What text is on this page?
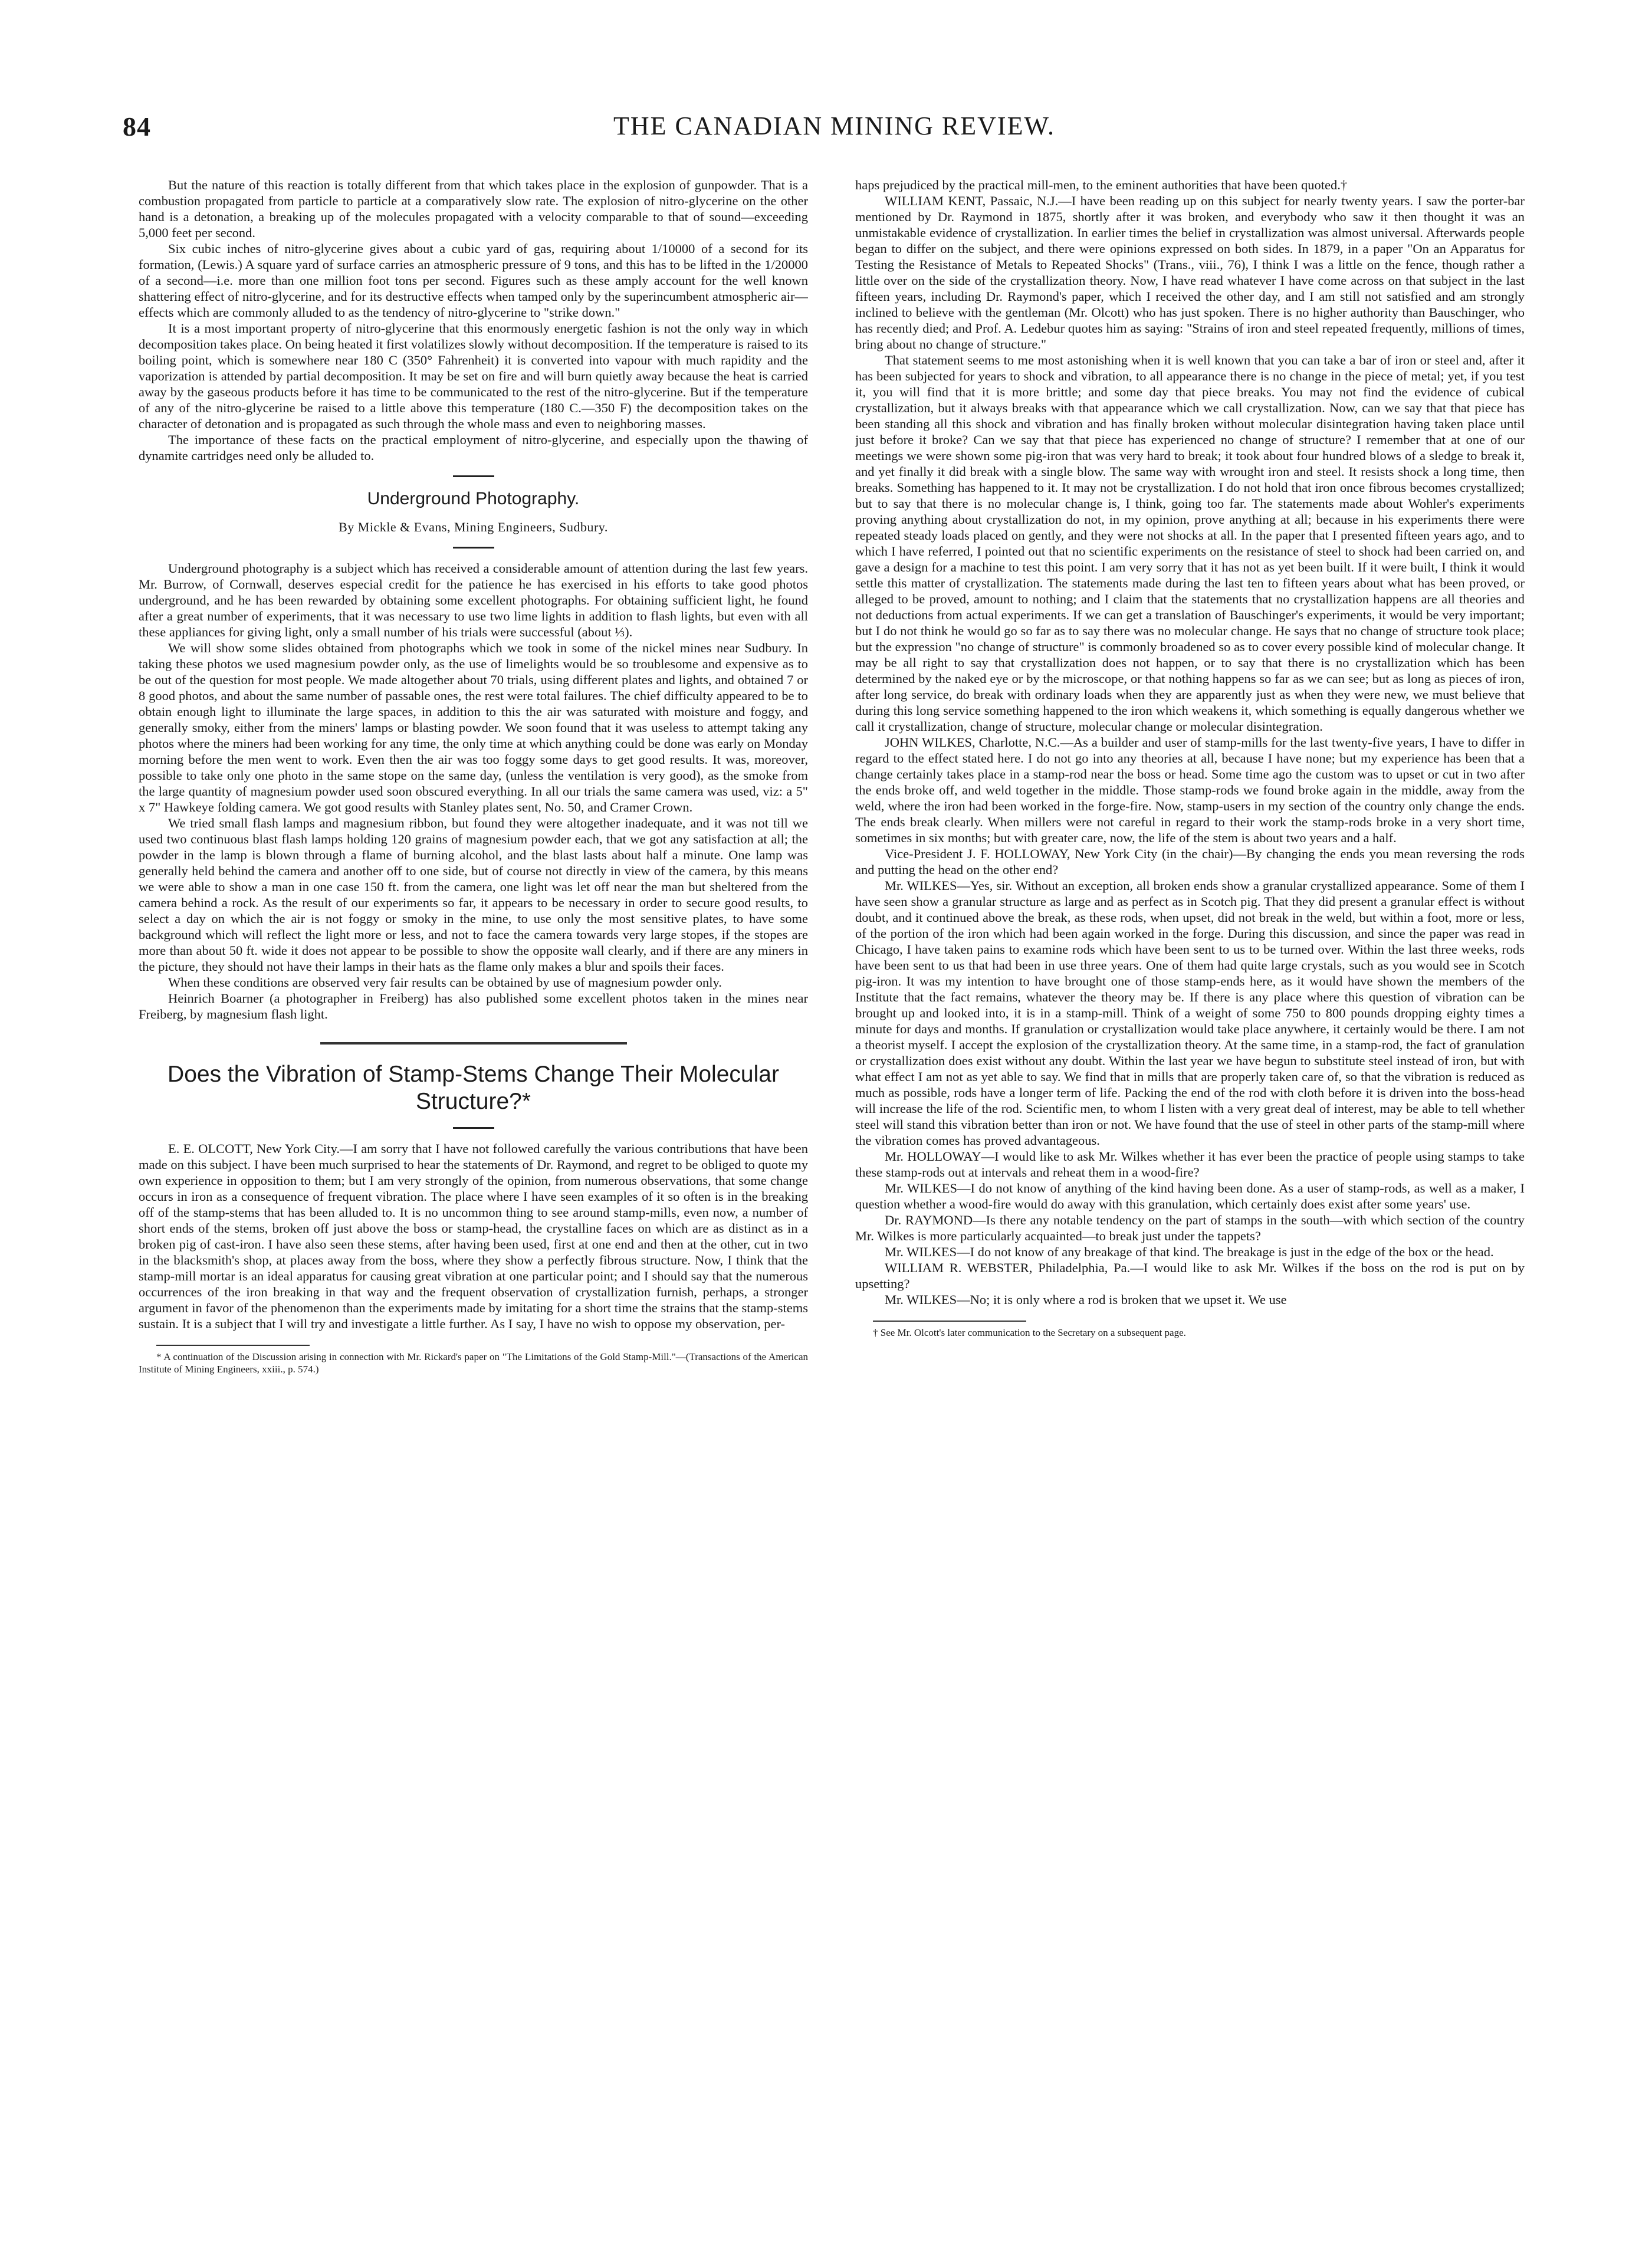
84	THE CANADIAN MINING REVIEW.

But the nature of this reaction is totally different from that which takes place in the explosion of gunpowder. That is a combustion propagated from particle to particle at a comparatively slow rate. The explosion of nitro-glycerine on the other hand is a detonation, a breaking up of the molecules propagated with a velocity comparable to that of sound—exceeding 5,000 feet per second.

Six cubic inches of nitro-glycerine gives about a cubic yard of gas, requiring about 1/10000 of a second for its formation, (Lewis.) A square yard of surface carries an atmospheric pressure of 9 tons, and this has to be lifted in the 1/20000 of a second—i.e. more than one million foot tons per second. Figures such as these amply account for the well known shattering effect of nitro-glycerine, and for its destructive effects when tamped only by the superincumbent atmospheric air—effects which are commonly alluded to as the tendency of nitro-glycerine to "strike down."

It is a most important property of nitro-glycerine that this enormously energetic fashion is not the only way in which decomposition takes place. On being heated it first volatilizes slowly without decomposition. If the temperature is raised to its boiling point, which is somewhere near 180 C (350° Fahrenheit) it is converted into vapour with much rapidity and the vaporization is attended by partial decomposition. It may be set on fire and will burn quietly away because the heat is carried away by the gaseous products before it has time to be communicated to the rest of the nitro-glycerine. But if the temperature of any of the nitro-glycerine be raised to a little above this temperature (180 C.—350 F) the decomposition takes on the character of detonation and is propagated as such through the whole mass and even to neighboring masses.

The importance of these facts on the practical employment of nitro-glycerine, and especially upon the thawing of dynamite cartridges need only be alluded to.

Underground Photography.
By Mickle & Evans, Mining Engineers, Sudbury.

Underground photography is a subject which has received a considerable amount of attention during the last few years. Mr. Burrow, of Cornwall, deserves especial credit for the patience he has exercised in his efforts to take good photos underground, and he has been rewarded by obtaining some excellent photographs. For obtaining sufficient light, he found after a great number of experiments, that it was necessary to use two lime lights in addition to flash lights, but even with all these appliances for giving light, only a small number of his trials were successful (about ⅓).

We will show some slides obtained from photographs which we took in some of the nickel mines near Sudbury. In taking these photos we used magnesium powder only, as the use of limelights would be so troublesome and expensive as to be out of the question for most people. We made altogether about 70 trials, using different plates and lights, and obtained 7 or 8 good photos, and about the same number of passable ones, the rest were total failures. The chief difficulty appeared to be to obtain enough light to illuminate the large spaces, in addition to this the air was saturated with moisture and foggy, and generally smoky, either from the miners' lamps or blasting powder. We soon found that it was useless to attempt taking any photos where the miners had been working for any time, the only time at which anything could be done was early on Monday morning before the men went to work. Even then the air was too foggy some days to get good results. It was, moreover, possible to take only one photo in the same stope on the same day, (unless the ventilation is very good), as the smoke from the large quantity of magnesium powder used soon obscured everything. In all our trials the same camera was used, viz: a 5" x 7" Hawkeye folding camera. We got good results with Stanley plates sent, No. 50, and Cramer Crown.

We tried small flash lamps and magnesium ribbon, but found they were altogether inadequate, and it was not till we used two continuous blast flash lamps holding 120 grains of magnesium powder each, that we got any satisfaction at all; the powder in the lamp is blown through a flame of burning alcohol, and the blast lasts about half a minute. One lamp was generally held behind the camera and another off to one side, but of course not directly in view of the camera, by this means we were able to show a man in one case 150 ft. from the camera, one light was let off near the man but sheltered from the camera behind a rock. As the result of our experiments so far, it appears to be necessary in order to secure good results, to select a day on which the air is not foggy or smoky in the mine, to use only the most sensitive plates, to have some background which will reflect the light more or less, and not to face the camera towards very large stopes, if the stopes are more than about 50 ft. wide it does not appear to be possible to show the opposite wall clearly, and if there are any miners in the picture, they should not have their lamps in their hats as the flame only makes a blur and spoils their faces.

When these conditions are observed very fair results can be obtained by use of magnesium powder only.

Heinrich Boarner (a photographer in Freiberg) has also published some excellent photos taken in the mines near Freiberg, by magnesium flash light.

Does the Vibration of Stamp-Stems Change Their Molecular Structure?*

E. E. OLCOTT, New York City.—I am sorry that I have not followed carefully the various contributions that have been made on this subject. I have been much surprised to hear the statements of Dr. Raymond, and regret to be obliged to quote my own experience in opposition to them; but I am very strongly of the opinion, from numerous observations, that some change occurs in iron as a consequence of frequent vibration. The place where I have seen examples of it so often is in the breaking off of the stamp-stems that has been alluded to. It is no uncommon thing to see around stamp-mills, even now, a number of short ends of the stems, broken off just above the boss or stamp-head, the crystalline faces on which are as distinct as in a broken pig of cast-iron. I have also seen these stems, after having been used, first at one end and then at the other, cut in two in the blacksmith's shop, at places away from the boss, where they show a perfectly fibrous structure. Now, I think that the stamp-mill mortar is an ideal apparatus for causing great vibration at one particular point; and I should say that the numerous occurrences of the iron breaking in that way and the frequent observation of crystallization furnish, perhaps, a stronger argument in favor of the phenomenon than the experiments made by imitating for a short time the strains that the stamp-stems sustain. It is a subject that I will try and investigate a little further. As I say, I have no wish to oppose my observation, per-

* A continuation of the Discussion arising in connection with Mr. Rickard's paper on "The Limitations of the Gold Stamp-Mill."—(Transactions of the American Institute of Mining Engineers, xxiii., p. 574.)

haps prejudiced by the practical mill-men, to the eminent authorities that have been quoted.†

WILLIAM KENT, Passaic, N.J.—I have been reading up on this subject for nearly twenty years. I saw the porter-bar mentioned by Dr. Raymond in 1875, shortly after it was broken, and everybody who saw it then thought it was an unmistakable evidence of crystallization. In earlier times the belief in crystallization was almost universal. Afterwards people began to differ on the subject, and there were opinions expressed on both sides. In 1879, in a paper "On an Apparatus for Testing the Resistance of Metals to Repeated Shocks" (Trans., viii., 76), I think I was a little on the fence, though rather a little over on the side of the crystallization theory. Now, I have read whatever I have come across on that subject in the last fifteen years, including Dr. Raymond's paper, which I received the other day, and I am still not satisfied and am strongly inclined to believe with the gentleman (Mr. Olcott) who has just spoken. There is no higher authority than Bauschinger, who has recently died; and Prof. A. Ledebur quotes him as saying: "Strains of iron and steel repeated frequently, millions of times, bring about no change of structure."

That statement seems to me most astonishing when it is well known that you can take a bar of iron or steel and, after it has been subjected for years to shock and vibration, to all appearance there is no change in the piece of metal; yet, if you test it, you will find that it is more brittle; and some day that piece breaks. You may not find the evidence of cubical crystallization, but it always breaks with that appearance which we call crystallization. Now, can we say that that piece has been standing all this shock and vibration and has finally broken without molecular disintegration having taken place until just before it broke? Can we say that that piece has experienced no change of structure? I remember that at one of our meetings we were shown some pig-iron that was very hard to break; it took about four hundred blows of a sledge to break it, and yet finally it did break with a single blow. The same way with wrought iron and steel. It resists shock a long time, then breaks. Something has happened to it. It may not be crystallization. I do not hold that iron once fibrous becomes crystallized; but to say that there is no molecular change is, I think, going too far. The statements made about Wohler's experiments proving anything about crystallization do not, in my opinion, prove anything at all; because in his experiments there were repeated steady loads placed on gently, and they were not shocks at all. In the paper that I presented fifteen years ago, and to which I have referred, I pointed out that no scientific experiments on the resistance of steel to shock had been carried on, and gave a design for a machine to test this point. I am very sorry that it has not as yet been built. If it were built, I think it would settle this matter of crystallization. The statements made during the last ten to fifteen years about what has been proved, or alleged to be proved, amount to nothing; and I claim that the statements that no crystallization happens are all theories and not deductions from actual experiments. If we can get a translation of Bauschinger's experiments, it would be very important; but I do not think he would go so far as to say there was no molecular change. He says that no change of structure took place; but the expression "no change of structure" is commonly broadened so as to cover every possible kind of molecular change. It may be all right to say that crystallization does not happen, or to say that there is no crystallization which has been determined by the naked eye or by the microscope, or that nothing happens so far as we can see; but as long as pieces of iron, after long service, do break with ordinary loads when they are apparently just as when they were new, we must believe that during this long service something happened to the iron which weakens it, which something is equally dangerous whether we call it crystallization, change of structure, molecular change or molecular disintegration.

JOHN WILKES, Charlotte, N.C.—As a builder and user of stamp-mills for the last twenty-five years, I have to differ in regard to the effect stated here. I do not go into any theories at all, because I have none; but my experience has been that a change certainly takes place in a stamp-rod near the boss or head. Some time ago the custom was to upset or cut in two after the ends broke off, and weld together in the middle. Those stamp-rods we found broke again in the middle, away from the weld, where the iron had been worked in the forge-fire. Now, stamp-users in my section of the country only change the ends. The ends break clearly. When millers were not careful in regard to their work the stamp-rods broke in a very short time, sometimes in six months; but with greater care, now, the life of the stem is about two years and a half.

Vice-President J. F. HOLLOWAY, New York City (in the chair)—By changing the ends you mean reversing the rods and putting the head on the other end?

Mr. WILKES—Yes, sir. Without an exception, all broken ends show a granular crystallized appearance. Some of them I have seen show a granular structure as large and as perfect as in Scotch pig. That they did present a granular effect is without doubt, and it continued above the break, as these rods, when upset, did not break in the weld, but within a foot, more or less, of the portion of the iron which had been again worked in the forge. During this discussion, and since the paper was read in Chicago, I have taken pains to examine rods which have been sent to us to be turned over. Within the last three weeks, rods have been sent to us that had been in use three years. One of them had quite large crystals, such as you would see in Scotch pig-iron. It was my intention to have brought one of those stamp-ends here, as it would have shown the members of the Institute that the fact remains, whatever the theory may be. If there is any place where this question of vibration can be brought up and looked into, it is in a stamp-mill. Think of a weight of some 750 to 800 pounds dropping eighty times a minute for days and months. If granulation or crystallization would take place anywhere, it certainly would be there. I am not a theorist myself. I accept the explosion of the crystallization theory. At the same time, in a stamp-rod, the fact of granulation or crystallization does exist without any doubt. Within the last year we have begun to substitute steel instead of iron, but with what effect I am not as yet able to say. We find that in mills that are properly taken care of, so that the vibration is reduced as much as possible, rods have a longer term of life. Packing the end of the rod with cloth before it is driven into the boss-head will increase the life of the rod. Scientific men, to whom I listen with a very great deal of interest, may be able to tell whether steel will stand this vibration better than iron or not. We have found that the use of steel in other parts of the stamp-mill where the vibration comes has proved advantageous.

Mr. HOLLOWAY—I would like to ask Mr. Wilkes whether it has ever been the practice of people using stamps to take these stamp-rods out at intervals and reheat them in a wood-fire?

Mr. WILKES—I do not know of anything of the kind having been done. As a user of stamp-rods, as well as a maker, I question whether a wood-fire would do away with this granulation, which certainly does exist after some years' use.

Dr. RAYMOND—Is there any notable tendency on the part of stamps in the south—with which section of the country Mr. Wilkes is more particularly acquainted—to break just under the tappets?

Mr. WILKES—I do not know of any breakage of that kind. The breakage is just in the edge of the box or the head.

WILLIAM R. WEBSTER, Philadelphia, Pa.—I would like to ask Mr. Wilkes if the boss on the rod is put on by upsetting?

Mr. WILKES—No; it is only where a rod is broken that we upset it. We use

† See Mr. Olcott's later communication to the Secretary on a subsequent page.
